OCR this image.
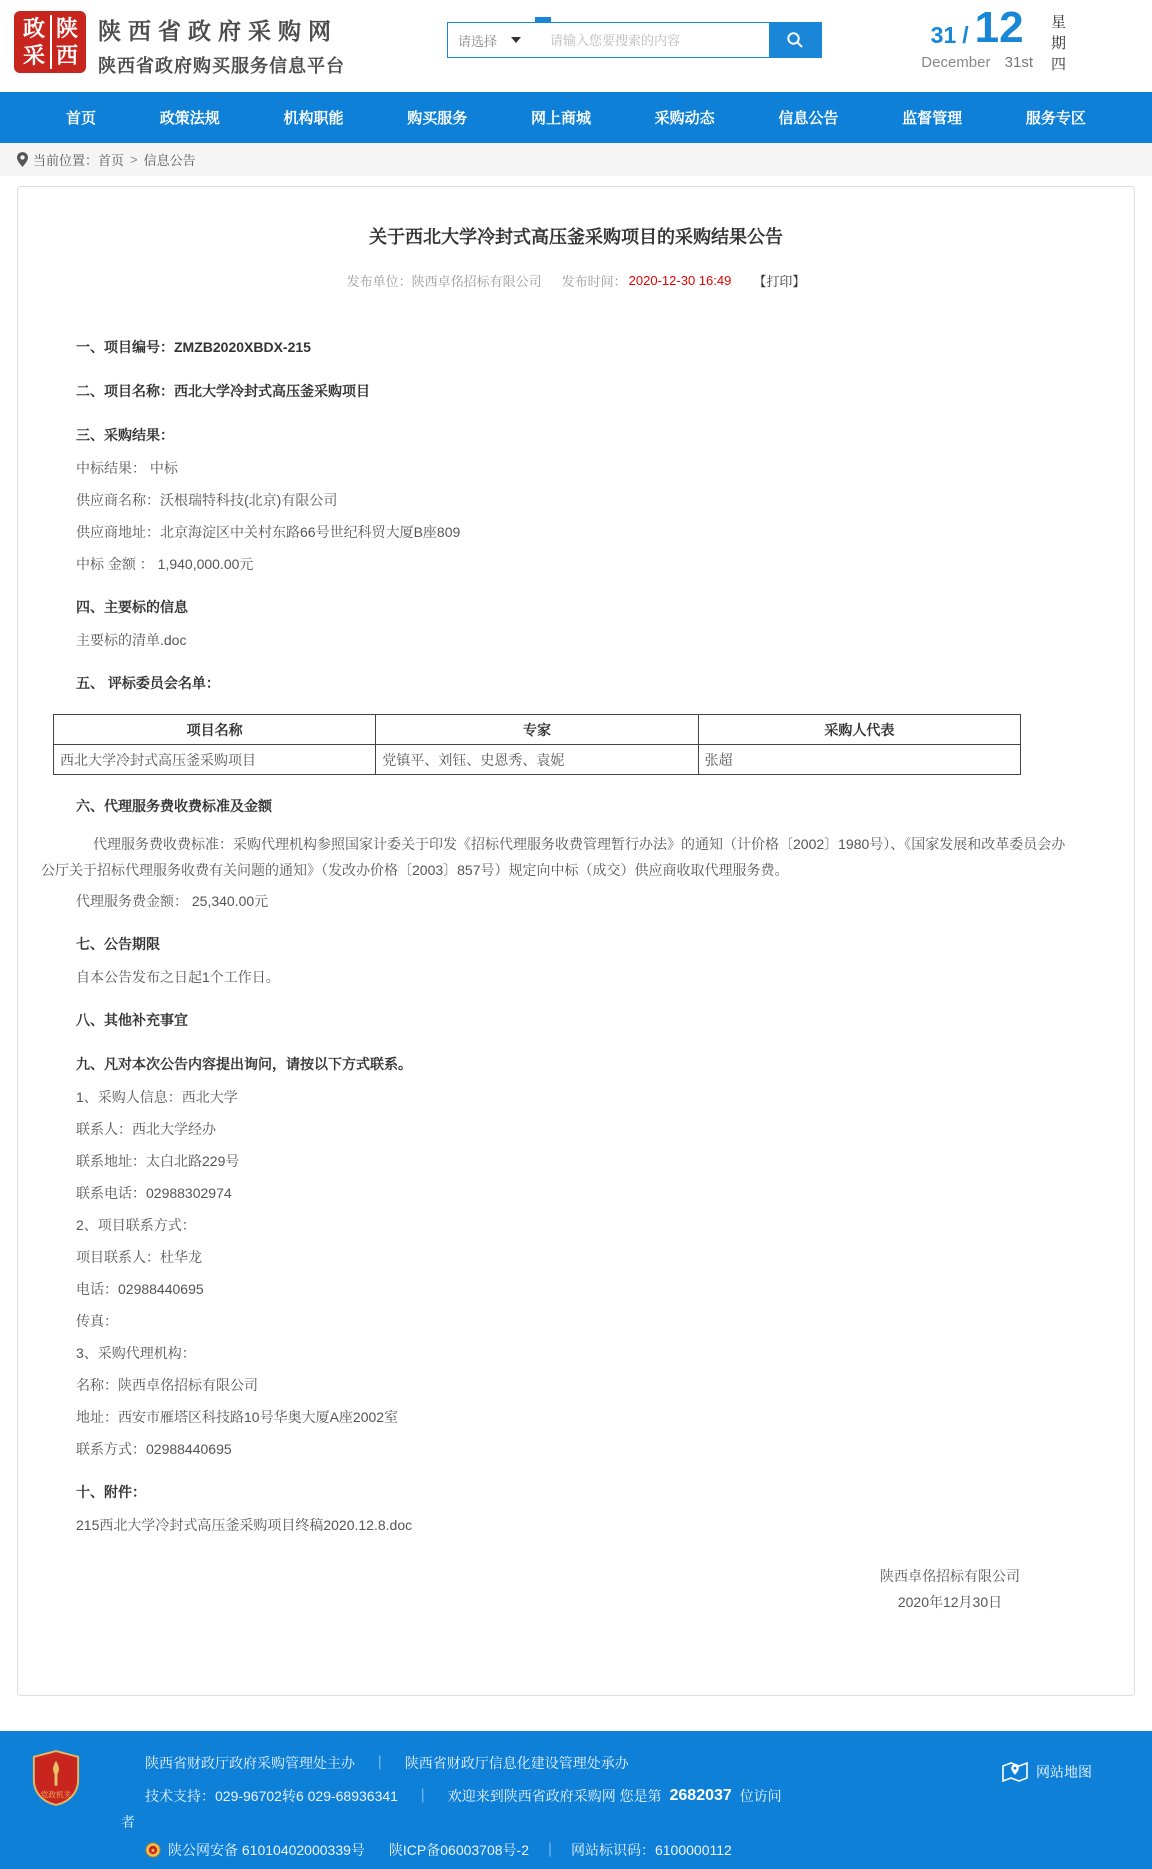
政 陕
采 西
陕西省政府采购网
陕西省政府购买服务信息平台
请选择
请输入您要搜索的内容	31 / 12
December 31st 星期四
首页	政策法规	机构职能	购买服务	网上商城	采购动态	信息公告	监督管理	服务专区
当前位置： 首页 > 信息公告
关于西北大学冷封式高压釜采购项目的采购结果公告
发布单位：陕西卓佲招标有限公司 发布时间： 2020-12-30 16:49 【打印】

一、项目编号：ZMZB2020XBDX-215

二、项目名称：西北大学冷封式高压釜采购项目

三、采购结果：

中标结果： 中标

供应商名称：沃根瑞特科技(北京)有限公司

供应商地址：北京海淀区中关村东路66号世纪科贸大厦B座809

中标 金额 ： 1,940,000.00元

四、主要标的信息

主要标的清单.doc

五、 评标委员会名单：

项目名称	专家	采购人代表
西北大学冷封式高压釜采购项目	党镇平、刘钰、史恩秀、袁妮	张超

六、代理服务费收费标准及金额

代理服务费收费标准：采购代理机构参照国家计委关于印发《招标代理服务收费管理暂行办法》的通知（计价格〔2002〕1980号）、《国家发展和改革委员会办公厅关于招标代理服务收费有关问题的通知》（发改办价格〔2003〕857号）规定向中标（成交）供应商收取代理服务费。

代理服务费金额： 25,340.00元

七、公告期限

自本公告发布之日起1个工作日。

八、其他补充事宜

九、凡对本次公告内容提出询问，请按以下方式联系。

1、采购人信息：西北大学

联系人：西北大学经办

联系地址：太白北路229号

联系电话：02988302974

2、项目联系方式：

项目联系人：杜华龙

电话：02988440695

传真：

3、采购代理机构：

名称：陕西卓佲招标有限公司

地址：西安市雁塔区科技路10号华奥大厦A座2002室

联系方式：02988440695

十、附件：

215西北大学冷封式高压釜采购项目终稿2020.12.8.doc

陕西卓佲招标有限公司

2020年12月30日

党政机关
陕西省财政厅政府采购管理处主办 ｜ 陕西省财政厅信息化建设管理处承办
技术支持：029-96702转6 029-68936341 ｜ 欢迎来到陕西省政府采购网 您是第 2682037 位访问
者
陕公网安备 61010402000339号 陕ICP备06003708号-2 ｜ 网站标识码：6100000112
网站地图
